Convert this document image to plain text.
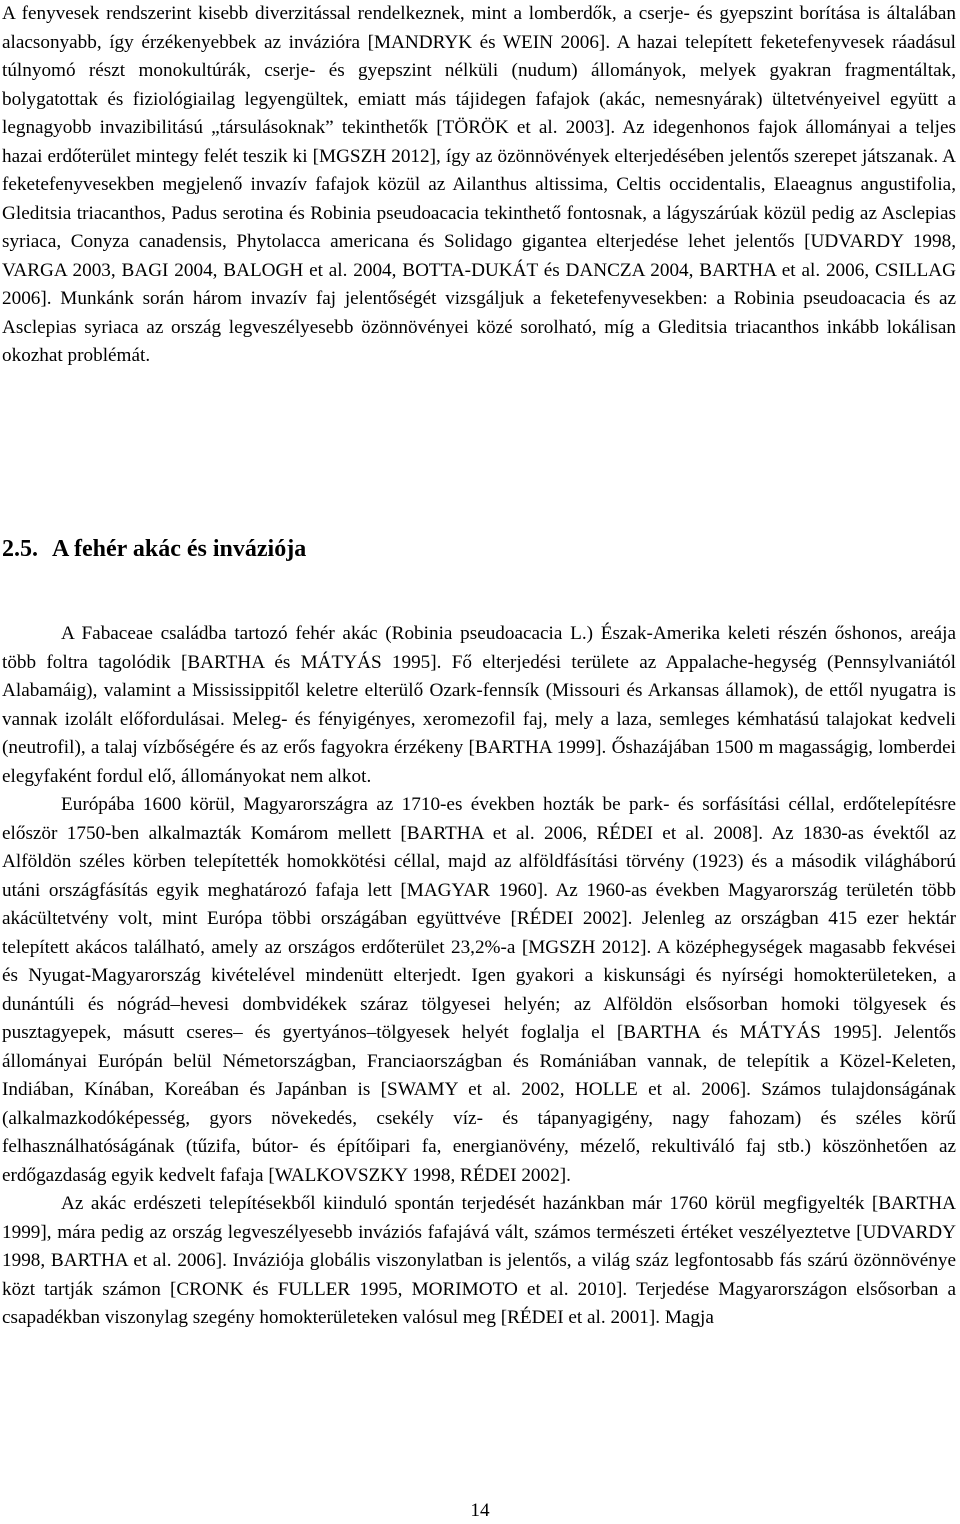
A fenyvesek rendszerint kisebb diverzitással rendelkeznek, mint a lomberdők, a cserje- és gyepszint borítása is általában alacsonyabb, így érzékenyebbek az invázióra [MANDRYK és WEIN 2006]. A hazai telepített feketefenyvesek ráadásul túlnyomó részt monokultúrák, cserje- és gyepszint nélküli (nudum) állományok, melyek gyakran fragmentáltak, bolygatottak és fiziológiailag legyengültek, emiatt más tájidegen fafajok (akác, nemesnyárak) ültetvényeivel együtt a legnagyobb invazibilitású „társulásoknak” tekinthetők [TÖRÖK et al. 2003]. Az idegenhonos fajok állományai a teljes hazai erdőterület mintegy felét teszik ki [MGSZH 2012], így az özönnövények elterjedésében jelentős szerepet játszanak. A feketefenyvesekben megjelenő invazív fafajok közül az Ailanthus altissima, Celtis occidentalis, Elaeagnus angustifolia, Gleditsia triacanthos, Padus serotina és Robinia pseudoacacia tekinthető fontosnak, a lágyszárúak közül pedig az Asclepias syriaca, Conyza canadensis, Phytolacca americana és Solidago gigantea elterjedése lehet jelentős [UDVARDY 1998, VARGA 2003, BAGI 2004, BALOGH et al. 2004, BOTTA-DUKÁT és DANCZA 2004, BARTHA et al. 2006, CSILLAG 2006]. Munkánk során három invazív faj jelentőségét vizsgáljuk a feketefenyvesekben: a Robinia pseudoacacia és az Asclepias syriaca az ország legveszélyesebb özönnövényei közé sorolható, míg a Gleditsia triacanthos inkább lokálisan okozhat problémát.

2.5. A fehér akác és inváziója

A Fabaceae családba tartozó fehér akác (Robinia pseudoacacia L.) Észak-Amerika keleti részén őshonos, areája több foltra tagolódik [BARTHA és MÁTYÁS 1995]. Fő elterjedési területe az Appalache-hegység (Pennsylvaniától Alabamáig), valamint a Mississippitől keletre elterülő Ozark-fennsík (Missouri és Arkansas államok), de ettől nyugatra is vannak izolált előfordulásai. Meleg- és fényigényes, xeromezofil faj, mely a laza, semleges kémhatású talajokat kedveli (neutrofil), a talaj vízbőségére és az erős fagyokra érzékeny [BARTHA 1999]. Őshazájában 1500 m magasságig, lomberdei elegyfaként fordul elő, állományokat nem alkot.

Európába 1600 körül, Magyarországra az 1710-es években hozták be park- és sorfásítási céllal, erdőtelepítésre először 1750-ben alkalmazták Komárom mellett [BARTHA et al. 2006, RÉDEI et al. 2008]. Az 1830-as évektől az Alföldön széles körben telepítették homokkötési céllal, majd az alföldfásítási törvény (1923) és a második világháború utáni országfásítás egyik meghatározó fafaja lett [MAGYAR 1960]. Az 1960-as években Magyarország területén több akácültetvény volt, mint Európa többi országában együttvéve [RÉDEI 2002]. Jelenleg az országban 415 ezer hektár telepített akácos található, amely az országos erdőterület 23,2%-a [MGSZH 2012]. A középhegységek magasabb fekvései és Nyugat-Magyarország kivételével mindenütt elterjedt. Igen gyakori a kiskunsági és nyírségi homokterületeken, a dunántúli és nógrád–hevesi dombvidékek száraz tölgyesei helyén; az Alföldön elsősorban homoki tölgyesek és pusztagyepek, másutt cseres– és gyertyános–tölgyesek helyét foglalja el [BARTHA és MÁTYÁS 1995]. Jelentős állományai Európán belül Németországban, Franciaországban és Romániában vannak, de telepítik a Közel-Keleten, Indiában, Kínában, Koreában és Japánban is [SWAMY et al. 2002, HOLLE et al. 2006]. Számos tulajdonságának (alkalmazkodóképesség, gyors növekedés, csekély víz- és tápanyagigény, nagy fahozam) és széles körű felhasználhatóságának (tűzifa, bútor- és építőipari fa, energianövény, mézelő, rekultiváló faj stb.) köszönhetően az erdőgazdaság egyik kedvelt fafaja [WALKOVSZKY 1998, RÉDEI 2002].

Az akác erdészeti telepítésekből kiinduló spontán terjedését hazánkban már 1760 körül megfigyelték [BARTHA 1999], mára pedig az ország legveszélyesebb inváziós fafajává vált, számos természeti értéket veszélyeztetve [UDVARDY 1998, BARTHA et al. 2006]. Inváziója globális viszonylatban is jelentős, a világ száz legfontosabb fás szárú özönnövénye közt tartják számon [CRONK és FULLER 1995, MORIMOTO et al. 2010]. Terjedése Magyarországon elsősorban a csapadékban viszonylag szegény homokterületeken valósul meg [RÉDEI et al. 2001]. Magja

14
